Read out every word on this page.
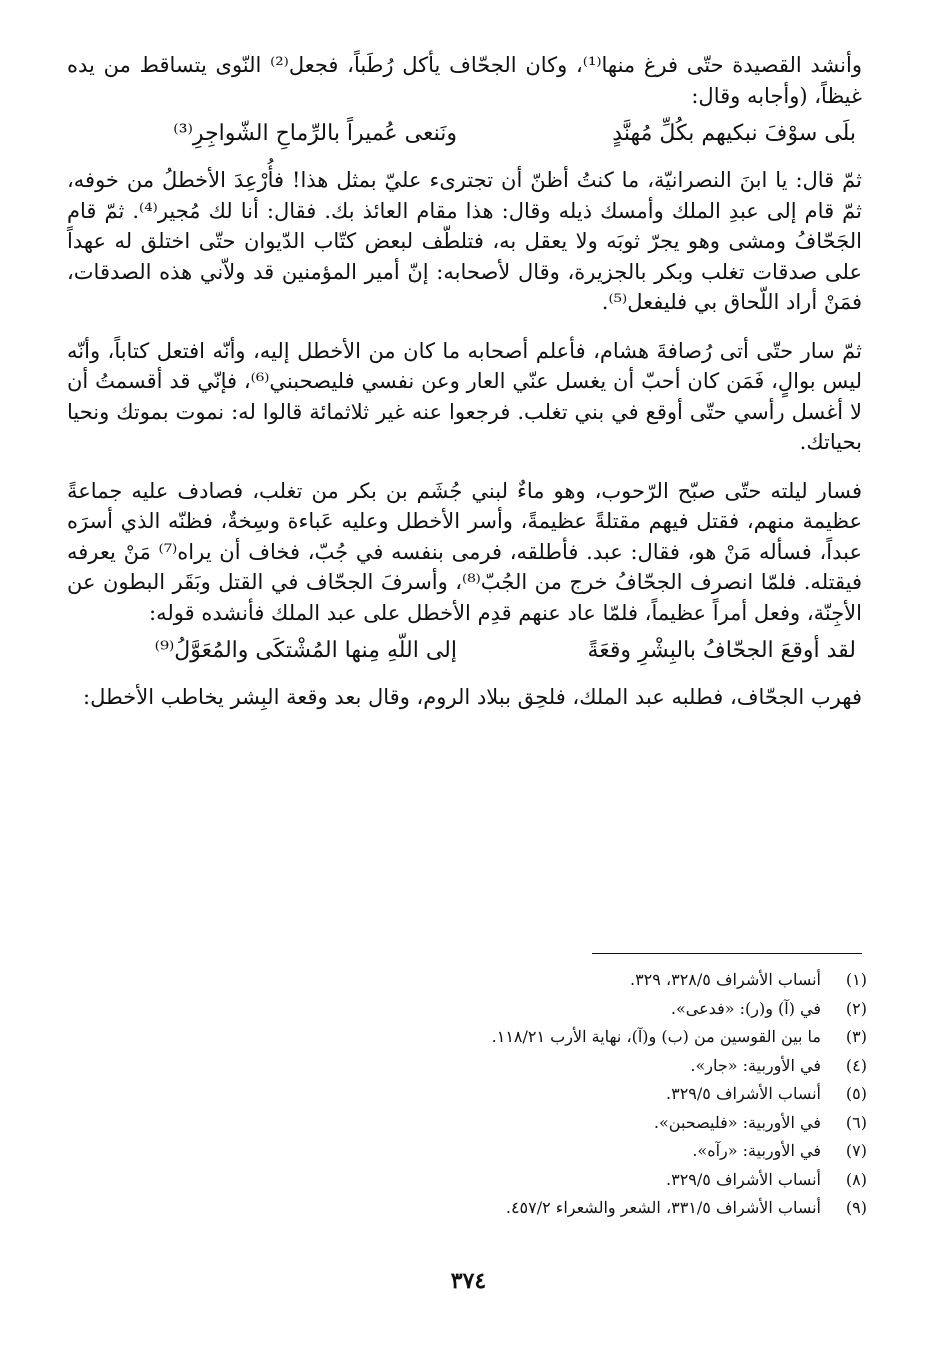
وأنشد القصيدة حتّى فرغ منها⁽¹⁾، وكان الجحّاف يأكل رُطَباً، فجعل⁽²⁾ النّوى يتساقط من يده غيظاً، (وأجابه وقال:

بلَى سوْفَ نبكيهم بكُلِّ مُهنَّدٍ
ونَنعى عُميراً بالرِّماحِ الشّواجِرِ⁽³⁾

ثمّ قال: يا ابنَ النصرانيّة، ما كنتُ أظنّ أن تجترىء عليّ بمثل هذا! فأُرْعِدَ الأخطلُ من خوفه، ثمّ قام إلى عبدِ الملك وأمسك ذيله وقال: هذا مقام العائذ بك. فقال: أنا لك مُجير⁽⁴⁾. ثمّ قام الجَحّافُ ومشى وهو يجرّ ثوبَه ولا يعقل به، فتلطّف لبعض كتّاب الدّيوان حتّى اختلق له عهداً على صدقات تغلب وبكر بالجزيرة، وقال لأصحابه: إنّ أمير المؤمنين قد ولاّني هذه الصدقات، فمَنْ أراد اللّحاق بي فليفعل⁽⁵⁾.

ثمّ سار حتّى أتى رُصافةَ هشام، فأعلم أصحابه ما كان من الأخطل إليه، وأنّه افتعل كتاباً، وأنّه ليس بوالٍ، فَمَن كان أحبّ أن يغسل عنّي العار وعن نفسي فليصحبني⁽⁶⁾، فإنّي قد أقسمتُ أن لا أغسل رأسي حتّى أوقع في بني تغلب. فرجعوا عنه غير ثلاثمائة قالوا له: نموت بموتك ونحيا بحياتك.

فسار ليلته حتّى صبّح الرّحوب، وهو ماءٌ لبني جُشَم بن بكر من تغلب، فصادف عليه جماعةً عظيمة منهم، فقتل فيهم مقتلةً عظيمةً، وأسر الأخطل وعليه عَباءة وسِخةٌ، فظنّه الذي أسرَه عبداً، فسأله مَنْ هو، فقال: عبد. فأطلقه، فرمى بنفسه في جُبّ، فخاف أن يراه⁽⁷⁾ مَنْ يعرفه فيقتله. فلمّا انصرف الجحّافُ خرج من الجُبّ⁽⁸⁾، وأسرفَ الجحّاف في القتل وبَقَر البطون عن الأجِنّة، وفعل أمراً عظيماً، فلمّا عاد عنهم قدِم الأخطل على عبد الملك فأنشده قوله:

لقد أوقعَ الجحّافُ بالبِشْرِ وقعَةً
إلى اللّهِ مِنها المُشْتكَى والمُعَوَّلُ⁽⁹⁾

فهرب الجحّاف، فطلبه عبد الملك، فلحِق ببلاد الروم، وقال بعد وقعة البِشر يخاطب الأخطل:

(١)
أنساب الأشراف ٣٢٨/٥، ٣٢٩.
(٢)
في (آ) و(ر): «فدعى».
(٣)
ما بين القوسين من (ب) و(آ)، نهاية الأرب ١١٨/٢١.
(٤)
في الأوربية: «جار».
(٥)
أنساب الأشراف ٣٢٩/٥.
(٦)
في الأوربية: «فليصحبن».
(٧)
في الأوربية: «رآه».
(٨)
أنساب الأشراف ٣٢٩/٥.
(٩)
أنساب الأشراف ٣٣١/٥، الشعر والشعراء ٤٥٧/٢.
٣٧٤
